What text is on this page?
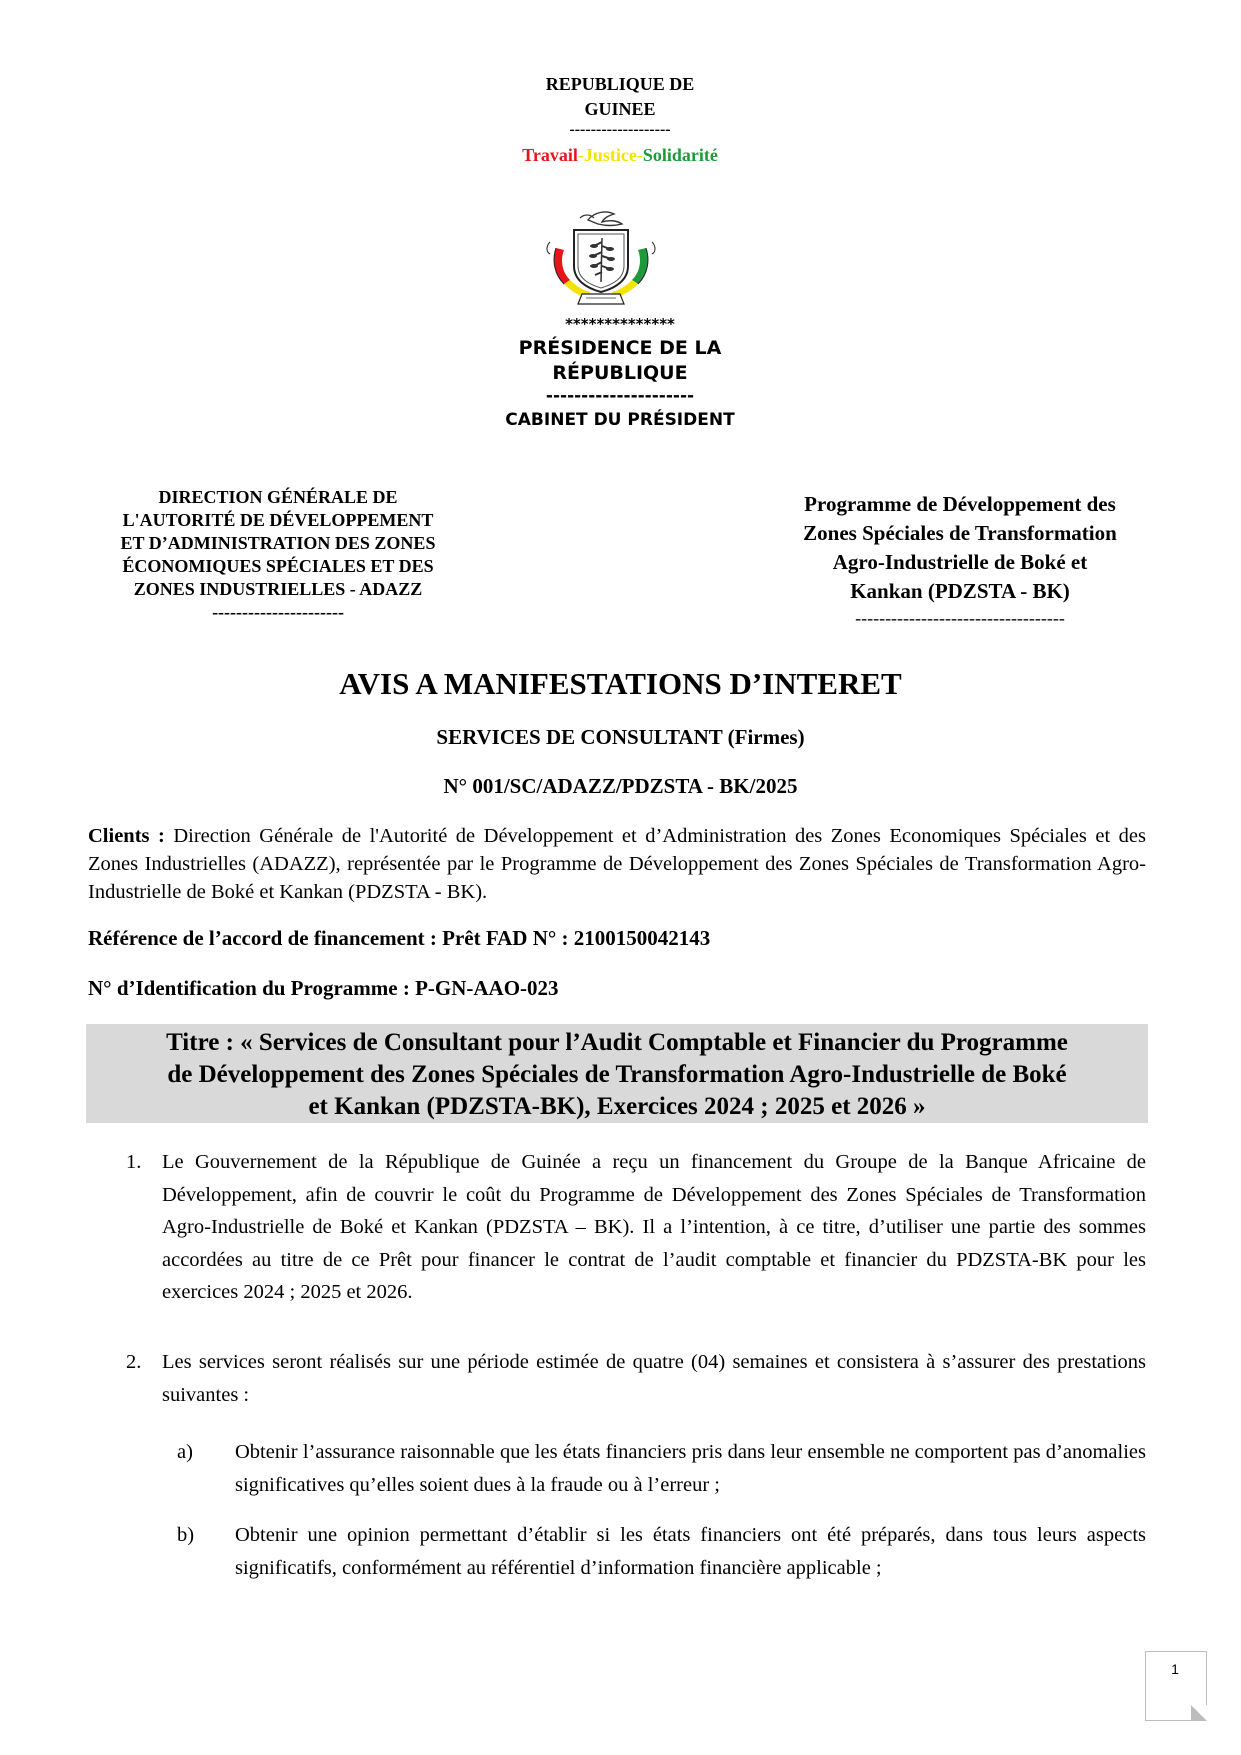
REPUBLIQUE DE
GUINEE
-------------------
Travail-Justice-Solidarité
**************
PRÉSIDENCE DE LA
RÉPUBLIQUE
---------------------
CABINET DU PRÉSIDENT
DIRECTION GÉNÉRALE DE
L'AUTORITÉ DE DÉVELOPPEMENT
ET D’ADMINISTRATION DES ZONES
ÉCONOMIQUES SPÉCIALES ET DES
ZONES INDUSTRIELLES - ADAZZ
----------------------
Programme de Développement des
Zones Spéciales de Transformation
Agro-Industrielle de Boké et
Kankan (PDZSTA - BK)
-----------------------------------
AVIS A MANIFESTATIONS D’INTERET
SERVICES DE CONSULTANT (Firmes)
N° 001/SC/ADAZZ/PDZSTA - BK/2025
Clients : Direction Générale de l'Autorité de Développement et d’Administration des Zones Economiques Spéciales et des Zones Industrielles (ADAZZ), représentée par le Programme de Développement des Zones Spéciales de Transformation Agro-Industrielle de Boké et Kankan (PDZSTA - BK).
Référence de l’accord de financement : Prêt FAD N° : 2100150042143
N° d’Identification du Programme : P-GN-AAO-023
Titre : « Services de Consultant pour l’Audit Comptable et Financier du Programme
de Développement des Zones Spéciales de Transformation Agro-Industrielle de Boké
et Kankan (PDZSTA-BK), Exercices 2024 ; 2025 et 2026 »
1. Le Gouvernement de la République de Guinée a reçu un financement du Groupe de la Banque Africaine de Développement, afin de couvrir le coût du Programme de Développement des Zones Spéciales de Transformation Agro-Industrielle de Boké et Kankan (PDZSTA – BK). Il a l’intention, à ce titre, d’utiliser une partie des sommes accordées au titre de ce Prêt pour financer le contrat de l’audit comptable et financier du PDZSTA-BK pour les exercices 2024 ; 2025 et 2026.
2. Les services seront réalisés sur une période estimée de quatre (04) semaines et consistera à s’assurer des prestations suivantes :
a) Obtenir l’assurance raisonnable que les états financiers pris dans leur ensemble ne comportent pas d’anomalies significatives qu’elles soient dues à la fraude ou à l’erreur ;
b) Obtenir une opinion permettant d’établir si les états financiers ont été préparés, dans tous leurs aspects significatifs, conformément au référentiel d’information financière applicable ;
1
